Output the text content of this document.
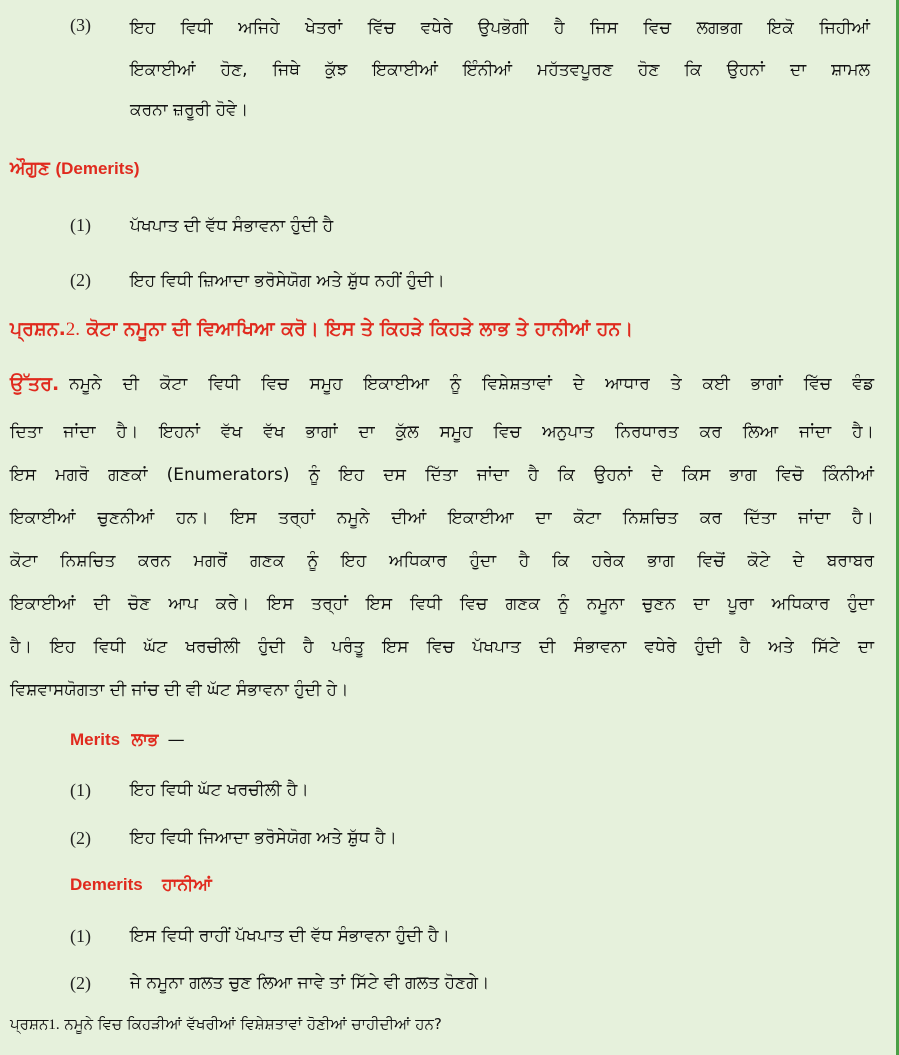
(3) ਇਹ ਵਿਧੀ ਅਜਿਹੇ ਖੇਤਰਾਂ ਵਿੱਚ ਵਧੇਰੇ ਉਪਭੋਗੀ ਹੈ ਜਿਸ ਵਿਚ ਲਗਭਗ ਇਕੋ ਜਿਹੀਆਂ
ਇਕਾਈਆਂ ਹੋਣ, ਜਿਥੇ ਕੁੱਝ ਇਕਾਈਆਂ ਇੰਨੀਆਂ ਮਹੱਤਵਪੂਰਣ ਹੋਣ ਕਿ ਉਹਨਾਂ ਦਾ ਸ਼ਾਮਲ
ਕਰਨਾ ਜ਼ਰੂਰੀ ਹੋਵੇ।
ਔਗੁਣ (Demerits)
(1) ਪੱਖਪਾਤ ਦੀ ਵੱਧ ਸੰਭਾਵਨਾ ਹੁੰਦੀ ਹੈ
(2) ਇਹ ਵਿਧੀ ਜ਼ਿਆਦਾ ਭਰੋਸੇਯੋਗ ਅਤੇ ਸ਼ੁੱਧ ਨਹੀਂ ਹੁੰਦੀ।
ਪ੍ਰਸ਼ਨ.2. ਕੋਟਾ ਨਮੂਨਾ ਦੀ ਵਿਆਖਿਆ ਕਰੋ। ਇਸ ਤੇ ਕਿਹੜੇ ਕਿਹੜੇ ਲਾਭ ਤੇ ਹਾਨੀਆਂ ਹਨ।
ਉੱਤਰ. ਨਮੂਨੇ ਦੀ ਕੋਟਾ ਵਿਧੀ ਵਿਚ ਸਮੂਹ ਇਕਾਈਆ ਨੂੰ ਵਿਸ਼ੇਸ਼ਤਾਵਾਂ ਦੇ ਆਧਾਰ ਤੇ ਕਈ ਭਾਗਾਂ ਵਿੱਚ ਵੰਡ
ਦਿਤਾ ਜਾਂਦਾ ਹੈ। ਇਹਨਾਂ ਵੱਖ ਵੱਖ ਭਾਗਾਂ ਦਾ ਕੁੱਲ ਸਮੂਹ ਵਿਚ ਅਨੁਪਾਤ ਨਿਰਧਾਰਤ ਕਰ ਲਿਆ ਜਾਂਦਾ ਹੈ।
ਇਸ ਮਗਰੋ ਗਣਕਾਂ (Enumerators) ਨੂੰ ਇਹ ਦਸ ਦਿੱਤਾ ਜਾਂਦਾ ਹੈ ਕਿ ਉਹਨਾਂ ਦੇ ਕਿਸ ਭਾਗ ਵਿਚੋ ਕਿੰਨੀਆਂ
ਇਕਾਈਆਂ ਚੁਣਨੀਆਂ ਹਨ। ਇਸ ਤਰ੍ਹਾਂ ਨਮੂਨੇ ਦੀਆਂ ਇਕਾਈਆ ਦਾ ਕੋਟਾ ਨਿਸ਼ਚਿਤ ਕਰ ਦਿੱਤਾ ਜਾਂਦਾ ਹੈ।
ਕੋਟਾ ਨਿਸ਼ਚਿਤ ਕਰਨ ਮਗਰੋਂ ਗਣਕ ਨੂੰ ਇਹ ਅਧਿਕਾਰ ਹੁੰਦਾ ਹੈ ਕਿ ਹਰੇਕ ਭਾਗ ਵਿਚੋਂ ਕੋਟੇ ਦੇ ਬਰਾਬਰ
ਇਕਾਈਆਂ ਦੀ ਚੋਣ ਆਪ ਕਰੇ। ਇਸ ਤਰ੍ਹਾਂ ਇਸ ਵਿਧੀ ਵਿਚ ਗਣਕ ਨੂੰ ਨਮੂਨਾ ਚੁਣਨ ਦਾ ਪੂਰਾ ਅਧਿਕਾਰ ਹੁੰਦਾ
ਹੈ। ਇਹ ਵਿਧੀ ਘੱਟ ਖਰਚੀਲੀ ਹੁੰਦੀ ਹੈ ਪਰੰਤੂ ਇਸ ਵਿਚ ਪੱਖਪਾਤ ਦੀ ਸੰਭਾਵਨਾ ਵਧੇਰੇ ਹੁੰਦੀ ਹੈ ਅਤੇ ਸਿੱਟੇ ਦਾ
ਵਿਸ਼ਵਾਸਯੋਗਤਾ ਦੀ ਜਾਂਚ ਦੀ ਵੀ ਘੱਟ ਸੰਭਾਵਨਾ ਹੁੰਦੀ ਹੇ।
Merits ਲਾਭ —
(1) ਇਹ ਵਿਧੀ ਘੱਟ ਖਰਚੀਲੀ ਹੈ।
(2) ਇਹ ਵਿਧੀ ਜਿਆਦਾ ਭਰੋਸੇਯੋਗ ਅਤੇ ਸ਼ੁੱਧ ਹੈ।
Demerits ਹਾਨੀਆਂ
(1) ਇਸ ਵਿਧੀ ਰਾਹੀਂ ਪੱਖਪਾਤ ਦੀ ਵੱਧ ਸੰਭਾਵਨਾ ਹੁੰਦੀ ਹੈ।
(2) ਜੇ ਨਮੂਨਾ ਗਲਤ ਚੁਣ ਲਿਆ ਜਾਵੇ ਤਾਂ ਸਿੱਟੇ ਵੀ ਗਲਤ ਹੋਣਗੇ।
ਪ੍ਰਸ਼ਨ1. ਨਮੂਨੇ ਵਿਚ ਕਿਹੜੀਆਂ ਵੱਖਰੀਆਂ ਵਿਸ਼ੇਸ਼ਤਾਵਾਂ ਹੋਣੀਆਂ ਚਾਹੀਦੀਆਂ ਹਨ?
